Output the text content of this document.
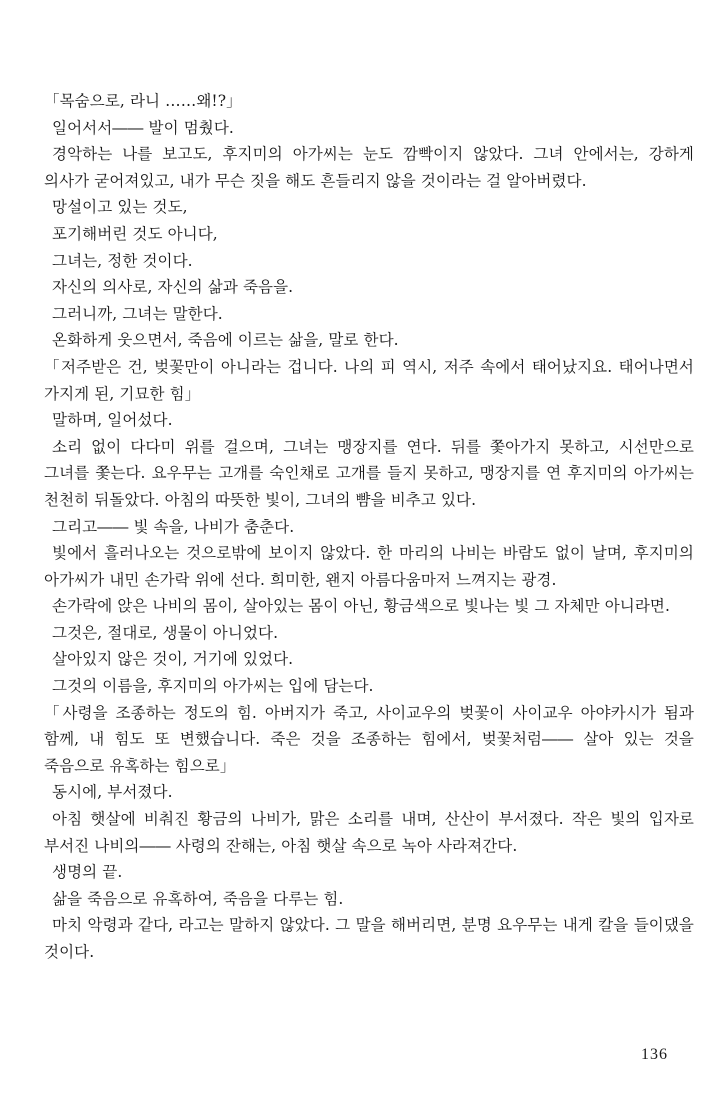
「목숨으로, 라니 ……왜!?」

일어서서―― 발이 멈췄다.

경악하는 나를 보고도, 후지미의 아가씨는 눈도 깜빡이지 않았다. 그녀 안에서는, 강하게 의사가 굳어져있고, 내가 무슨 짓을 해도 흔들리지 않을 것이라는 걸 알아버렸다.

망설이고 있는 것도,

포기해버린 것도 아니다,

그녀는, 정한 것이다.

자신의 의사로, 자신의 삶과 죽음을.

그러니까, 그녀는 말한다.

온화하게 웃으면서, 죽음에 이르는 삶을, 말로 한다.

「저주받은 건, 벚꽃만이 아니라는 겁니다. 나의 피 역시, 저주 속에서 태어났지요. 태어나면서 가지게 된, 기묘한 힘」

말하며, 일어섰다.

소리 없이 다다미 위를 걸으며, 그녀는 맹장지를 연다. 뒤를 쫓아가지 못하고, 시선만으로 그녀를 쫓는다. 요우무는 고개를 숙인채로 고개를 들지 못하고, 맹장지를 연 후지미의 아가씨는 천천히 뒤돌았다. 아침의 따뜻한 빛이, 그녀의 뺨을 비추고 있다.

그리고―― 빛 속을, 나비가 춤춘다.

빛에서 흘러나오는 것으로밖에 보이지 않았다. 한 마리의 나비는 바람도 없이 날며, 후지미의 아가씨가 내민 손가락 위에 선다. 희미한, 왠지 아름다움마저 느껴지는 광경.

손가락에 앉은 나비의 몸이, 살아있는 몸이 아닌, 황금색으로 빛나는 빛 그 자체만 아니라면.

그것은, 절대로, 생물이 아니었다.

살아있지 않은 것이, 거기에 있었다.

그것의 이름을, 후지미의 아가씨는 입에 담는다.

「사령을 조종하는 정도의 힘. 아버지가 죽고, 사이교우의 벚꽃이 사이교우 아야카시가 됨과 함께, 내 힘도 또 변했습니다. 죽은 것을 조종하는 힘에서, 벚꽃처럼―― 살아 있는 것을 죽음으로 유혹하는 힘으로」

동시에, 부서졌다.

아침 햇살에 비춰진 황금의 나비가, 맑은 소리를 내며, 산산이 부서졌다. 작은 빛의 입자로 부서진 나비의―― 사령의 잔해는, 아침 햇살 속으로 녹아 사라져간다.

생명의 끝.

삶을 죽음으로 유혹하여, 죽음을 다루는 힘.

마치 악령과 같다, 라고는 말하지 않았다. 그 말을 해버리면, 분명 요우무는 내게 칼을 들이댔을 것이다.

136
